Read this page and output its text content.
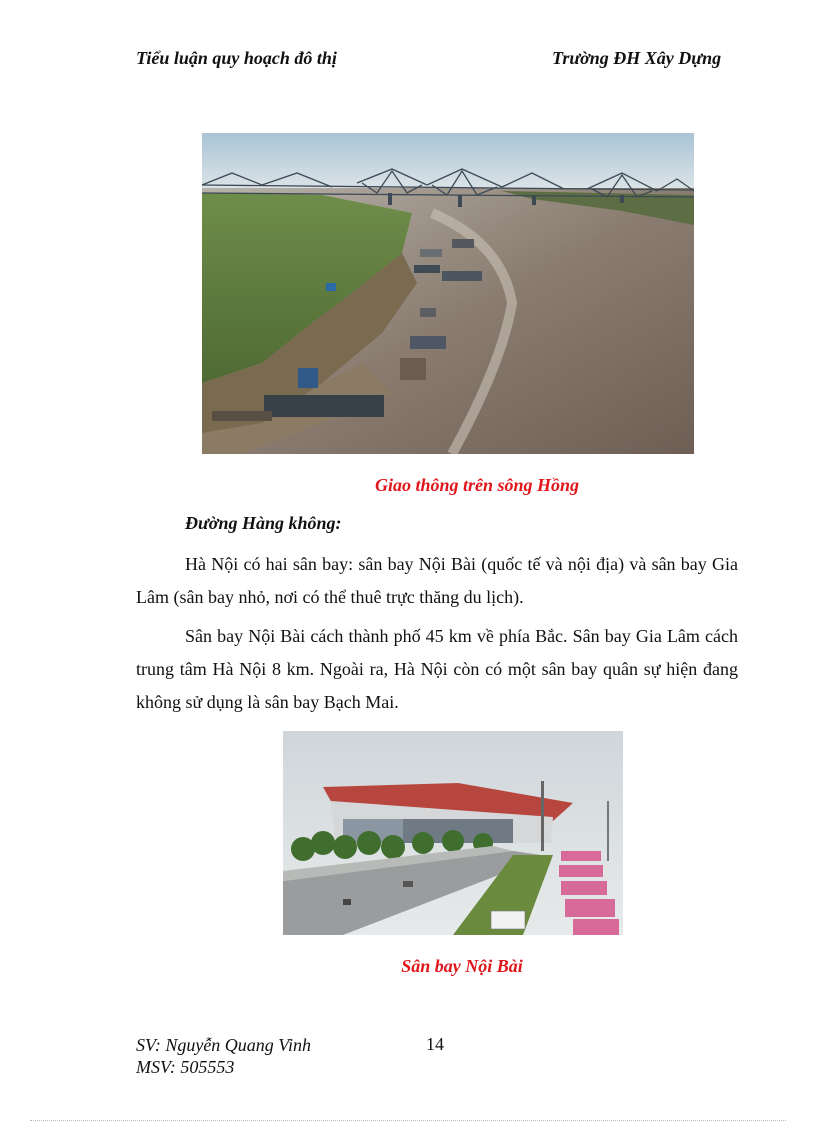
Tiểu luận quy hoạch đô thị	Trường ĐH Xây Dựng
Giao thông trên sông Hồng
Đường Hàng không:

Hà Nội có hai sân bay: sân bay Nội Bài (quốc tế và nội địa) và sân bay Gia Lâm (sân bay nhỏ, nơi có thể thuê trực thăng du lịch).

Sân bay Nội Bài cách thành phố 45 km về phía Bắc. Sân bay Gia Lâm cách trung tâm Hà Nội 8 km. Ngoài ra, Hà Nội còn có một sân bay quân sự hiện đang không sử dụng là sân bay Bạch Mai.

Sân bay Nội Bài
SV: Nguyễn Quang Vinh
MSV: 505553
14
